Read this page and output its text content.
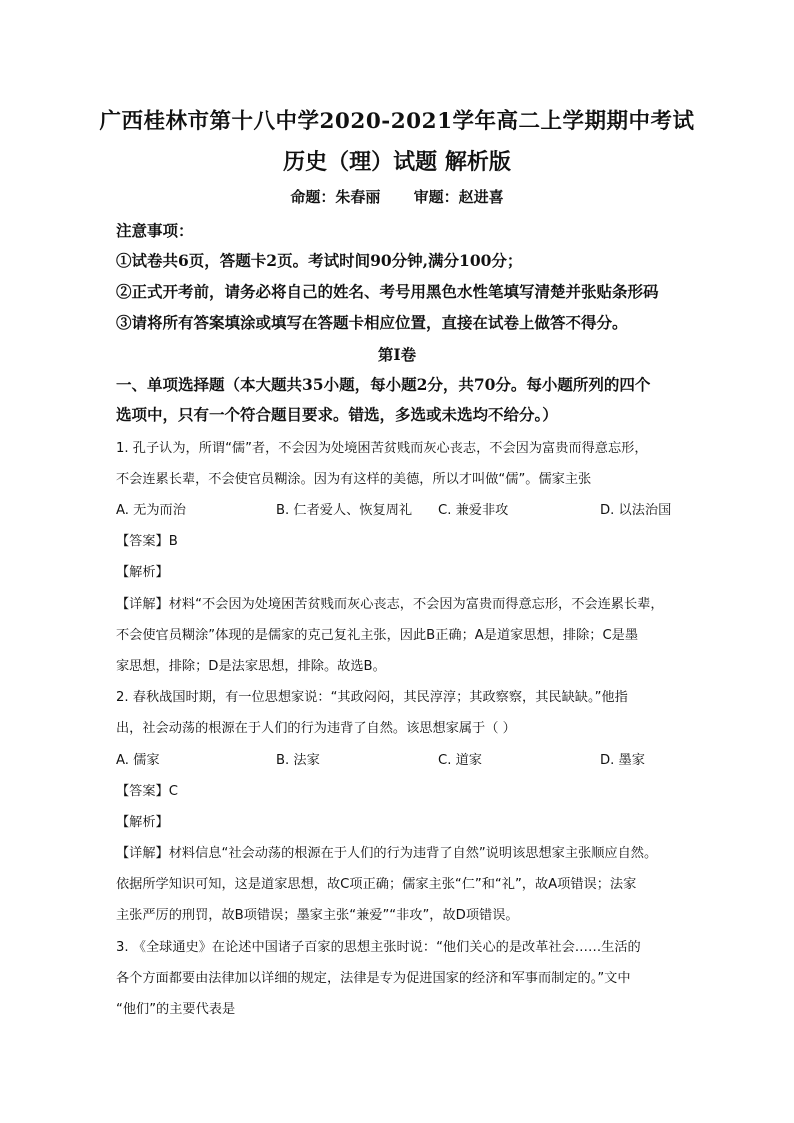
广西桂林市第十八中学2020-2021学年高二上学期期中考试
历史（理）试题 解析版
命题：朱春丽 审题：赵进喜
注意事项：
①试卷共6页，答题卡2页。考试时间90分钟,满分100分；
②正式开考前，请务必将自己的姓名、考号用黑色水性笔填写清楚并张贴条形码
③请将所有答案填涂或填写在答题卡相应位置，直接在试卷上做答不得分。
第I卷
一、单项选择题（本大题共35小题，每小题2分，共70分。每小题所列的四个
选项中，只有一个符合题目要求。错选，多选或未选均不给分。）
1. 孔子认为，所谓“儒”者，不会因为处境困苦贫贱而灰心丧志，不会因为富贵而得意忘形，
不会连累长辈，不会使官员糊涂。因为有这样的美德，所以才叫做“儒”。儒家主张
A. 无为而治	B. 仁者爱人、恢复周礼 C. 兼爱非攻	D. 以法治国
【答案】B
【解析】
【详解】材料“不会因为处境困苦贫贱而灰心丧志，不会因为富贵而得意忘形，不会连累长辈，
不会使官员糊涂”体现的是儒家的克己复礼主张，因此B正确；A是道家思想，排除；C是墨
家思想，排除；D是法家思想，排除。故选B。
2. 春秋战国时期，有一位思想家说：“其政闷闷，其民淳淳；其政察察，其民缺缺。”他指
出，社会动荡的根源在于人们的行为违背了自然。该思想家属于（ ）
A. 儒家	B. 法家	C. 道家	D. 墨家
【答案】C
【解析】
【详解】材料信息“社会动荡的根源在于人们的行为违背了自然”说明该思想家主张顺应自然。
依据所学知识可知，这是道家思想，故C项正确；儒家主张“仁”和“礼”，故A项错误；法家
主张严厉的刑罚，故B项错误；墨家主张“兼爱”“非攻”，故D项错误。
3. 《全球通史》在论述中国诸子百家的思想主张时说：“他们关心的是改革社会……生活的
各个方面都要由法律加以详细的规定，法律是专为促进国家的经济和军事而制定的。”文中
“他们”的主要代表是
